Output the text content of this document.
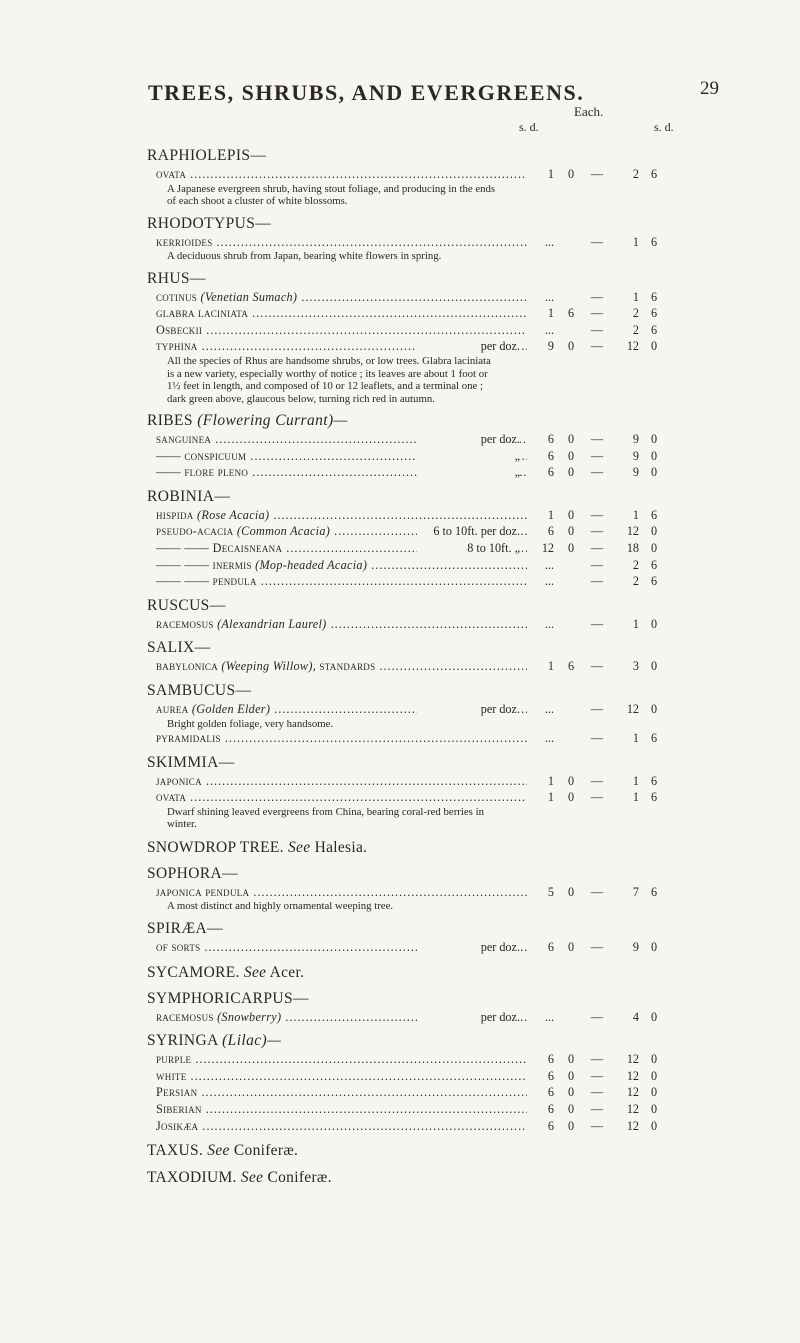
TREES, SHRUBS, AND EVERGREENS.	29
Each.
s. d.	s. d.
RAPHIOLEPIS—
ovata .....	1	0	—	2 6
A Japanese evergreen shrub, having stout foliage, and producing in the ends of each shoot a cluster of white blossoms.
RHODOTYPUS—
kerrioides .....	...	—	1 6
A deciduous shrub from Japan, bearing white flowers in spring.
RHUS—
cotinus (Venetian Sumach) .....	...	—	1 6
glabra laciniata .....	1	6	—	2 6
Osbeckii .....	...	—	2 6
typhina .....	per doz.	9	0	—	12 0
All the species of Rhus are handsome shrubs, or low trees. Glabra laciniata is a new variety, especially worthy of notice ; its leaves are about 1 foot or 1½ feet in length, and composed of 10 or 12 leaflets, and a terminal one ; dark green above, glaucous below, turning rich red in autumn.
RIBES (Flowering Currant)—
sanguinea .....	per doz.	6	0	—	9 0
—— conspicuum .....	„	6	0	—	9 0
—— flore pleno .....	„	6	0	—	9 0
ROBINIA—
hispida (Rose Acacia) .....	1	0	—	1 6
pseudo-acacia (Common Acacia) .....	6 to 10ft. per doz.	6	0	—	12 0
—— —— Decaisneana .....	8 to 10ft. „	12	0	—	18 0
—— —— inermis (Mop-headed Acacia) .....	...	—	2 6
—— —— pendula .....	...	—	2 6
RUSCUS—
racemosus (Alexandrian Laurel) .....	...	—	1 0
SALIX—
babylonica (Weeping Willow), standards .....	1	6	—	3 0
SAMBUCUS—
aurea (Golden Elder) .....	per doz.	...	—	12 0
Bright golden foliage, very handsome.
pyramidalis .....	...	—	1 6
SKIMMIA—
japonica .....	1	0	—	1 6
ovata .....	1	0	—	1 6
Dwarf shining leaved evergreens from China, bearing coral-red berries in winter.
SNOWDROP TREE. See Halesia.
SOPHORA—
japonica pendula .....	5	0	—	7 6
A most distinct and highly ornamental weeping tree.
SPIRÆA—
of sorts .....	per doz.	6	0	—	9 0
SYCAMORE. See Acer.
SYMPHORICARPUS—
racemosus (Snowberry) .....	per doz.	...	—	4 0
SYRINGA (Lilac)—
purple .....	6	0	—	12 0
white .....	6	0	—	12 0
Persian .....	6	0	—	12 0
Siberian .....	6	0	—	12 0
Josikæa .....	6	0	—	12 0
TAXUS. See Coniferæ.
TAXODIUM. See Coniferæ.
